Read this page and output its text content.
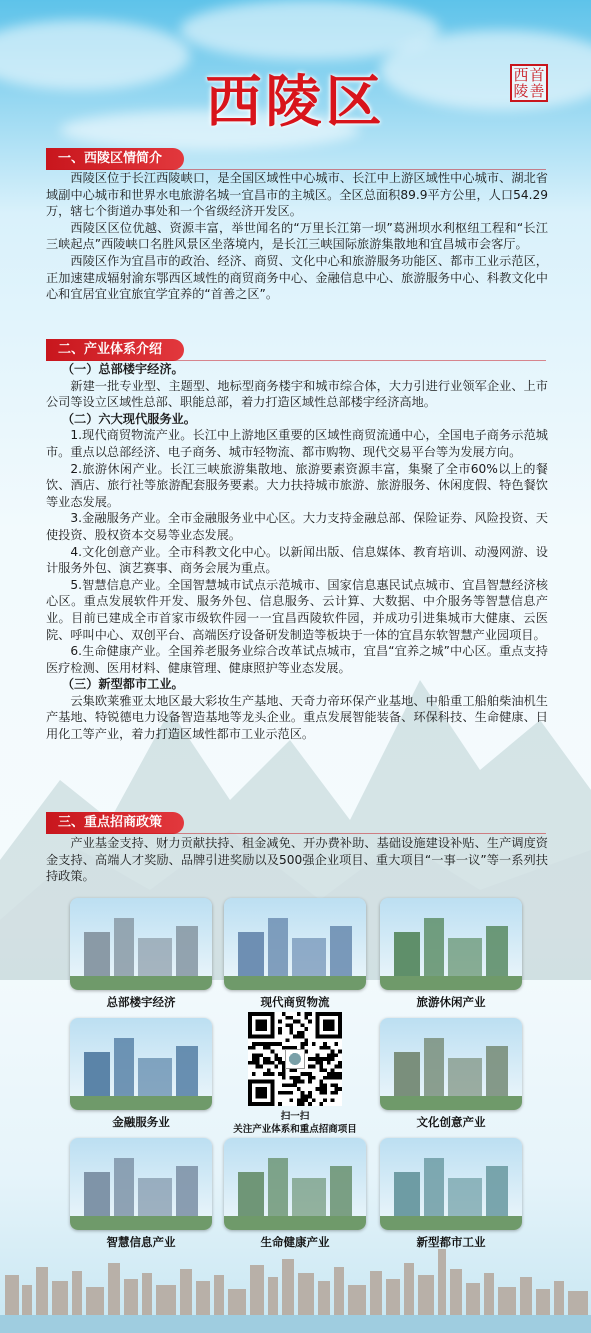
西陵区	西 首
陵 善
一、西陵区情简介

西陵区位于长江西陵峡口，是全国区域性中心城市、长江中上游区域性中心城市、湖北省域副中心城市和世界水电旅游名城一宜昌市的主城区。全区总面积89.9平方公里，人口54.29万，辖七个街道办事处和一个省级经济开发区。

西陵区区位优越、资源丰富，举世闻名的“万里长江第一坝”葛洲坝水利枢纽工程和“长江三峡起点”西陵峡口名胜风景区坐落境内，是长江三峡国际旅游集散地和宜昌城市会客厅。

西陵区作为宜昌市的政治、经济、商贸、文化中心和旅游服务功能区、都市工业示范区，正加速建成辐射渝东鄂西区域性的商贸商务中心、金融信息中心、旅游服务中心、科教文化中心和宜居宜业宜旅宜学宜养的“首善之区”。

二、产业体系介绍

（一）总部楼宇经济。

新建一批专业型、主题型、地标型商务楼宇和城市综合体，大力引进行业领军企业、上市公司等设立区域性总部、职能总部，着力打造区域性总部楼宇经济高地。

（二）六大现代服务业。

1.现代商贸物流产业。长江中上游地区重要的区域性商贸流通中心，全国电子商务示范城市。重点以总部经济、电子商务、城市轻物流、都市购物、现代交易平台等为发展方向。

2.旅游休闲产业。长江三峡旅游集散地、旅游要素资源丰富，集聚了全市60%以上的餐饮、酒店、旅行社等旅游配套服务要素。大力扶持城市旅游、旅游服务、休闲度假、特色餐饮等业态发展。

3.金融服务产业。全市金融服务业中心区。大力支持金融总部、保险证券、风险投资、天使投资、股权资本交易等业态发展。

4.文化创意产业。全市科教文化中心。以新闻出版、信息媒体、教育培训、动漫网游、设计服务外包、演艺赛事、商务会展为重点。

5.智慧信息产业。全国智慧城市试点示范城市、国家信息惠民试点城市、宜昌智慧经济核心区。重点发展软件开发、服务外包、信息服务、云计算、大数据、中介服务等智慧信息产业。目前已建成全市首家市级软件园一一宜昌西陵软件园，并成功引进集城市大健康、云医院、呼叫中心、双创平台、高端医疗设备研发制造等板块于一体的宜昌东软智慧产业园项目。

6.生命健康产业。全国养老服务业综合改革试点城市，宜昌“宜养之城”中心区。重点支持医疗检测、医用材料、健康管理、健康照护等业态发展。

（三）新型都市工业。

云集欧莱雅亚太地区最大彩妆生产基地、天奇力帝环保产业基地、中船重工船舶柴油机生产基地、特锐德电力设备智造基地等龙头企业。重点发展智能装备、环保科技、生命健康、日用化工等产业，着力打造区域性都市工业示范区。

三、重点招商政策

产业基金支持、财力贡献扶持、租金减免、开办费补助、基础设施建设补贴、生产调度资金支持、高端人才奖励、品牌引进奖励以及500强企业项目、重大项目“一事一议”等一系列扶持政策。

总部楼宇经济	现代商贸物流	旅游休闲产业
金融服务业	文化创意产业
智慧信息产业	生命健康产业	新型都市工业
扫一扫
关注产业体系和重点招商项目
